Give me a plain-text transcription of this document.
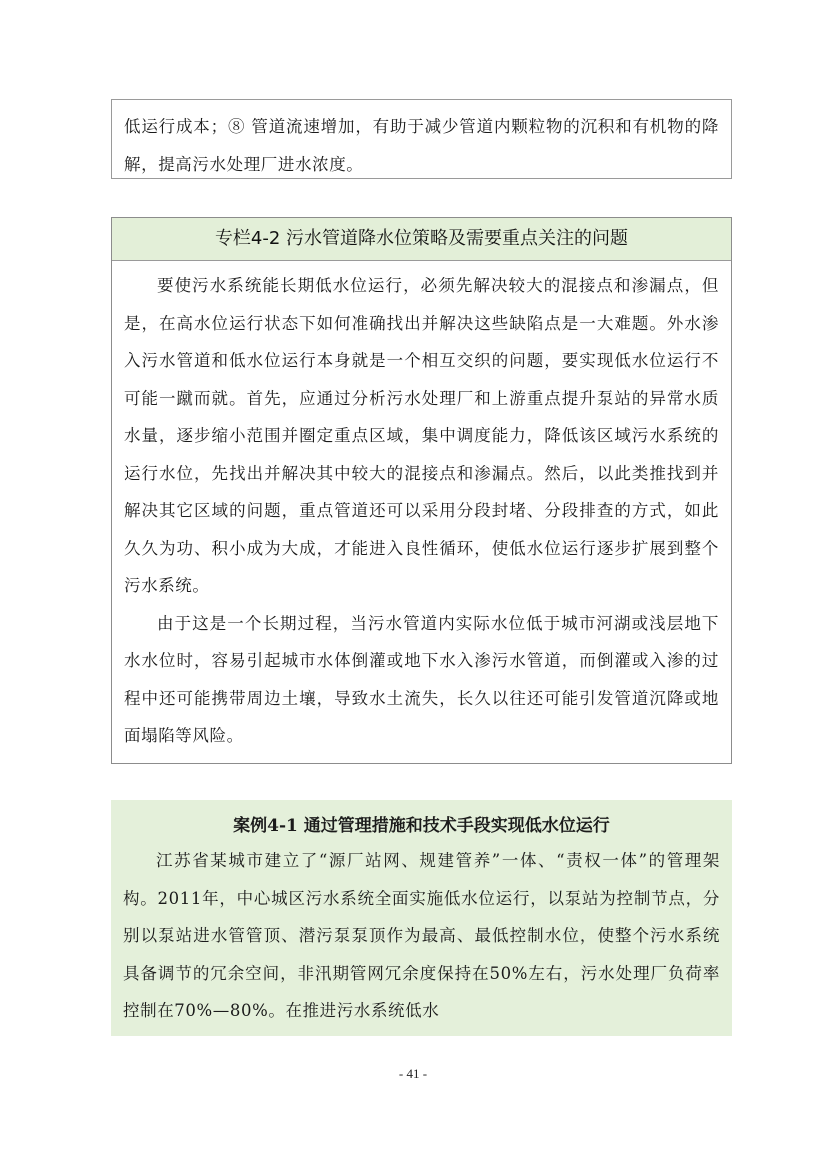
低运行成本；⑧ 管道流速增加，有助于减少管道内颗粒物的沉积和有机物的降解，提高污水处理厂进水浓度。

专栏4-2 污水管道降水位策略及需要重点关注的问题

要使污水系统能长期低水位运行，必须先解决较大的混接点和渗漏点，但是，在高水位运行状态下如何准确找出并解决这些缺陷点是一大难题。外水渗入污水管道和低水位运行本身就是一个相互交织的问题，要实现低水位运行不可能一蹴而就。首先，应通过分析污水处理厂和上游重点提升泵站的异常水质水量，逐步缩小范围并圈定重点区域，集中调度能力，降低该区域污水系统的运行水位，先找出并解决其中较大的混接点和渗漏点。然后，以此类推找到并解决其它区域的问题，重点管道还可以采用分段封堵、分段排查的方式，如此久久为功、积小成为大成，才能进入良性循环，使低水位运行逐步扩展到整个污水系统。

由于这是一个长期过程，当污水管道内实际水位低于城市河湖或浅层地下水水位时，容易引起城市水体倒灌或地下水入渗污水管道，而倒灌或入渗的过程中还可能携带周边土壤，导致水土流失，长久以往还可能引发管道沉降或地面塌陷等风险。

案例4-1 通过管理措施和技术手段实现低水位运行

江苏省某城市建立了“源厂站网、规建管养”一体、“责权一体”的管理架构。2011年，中心城区污水系统全面实施低水位运行，以泵站为控制节点，分别以泵站进水管管顶、潜污泵泵顶作为最高、最低控制水位，使整个污水系统具备调节的冗余空间，非汛期管网冗余度保持在50%左右，污水处理厂负荷率控制在70%—80%。在推进污水系统低水

- 41 -
